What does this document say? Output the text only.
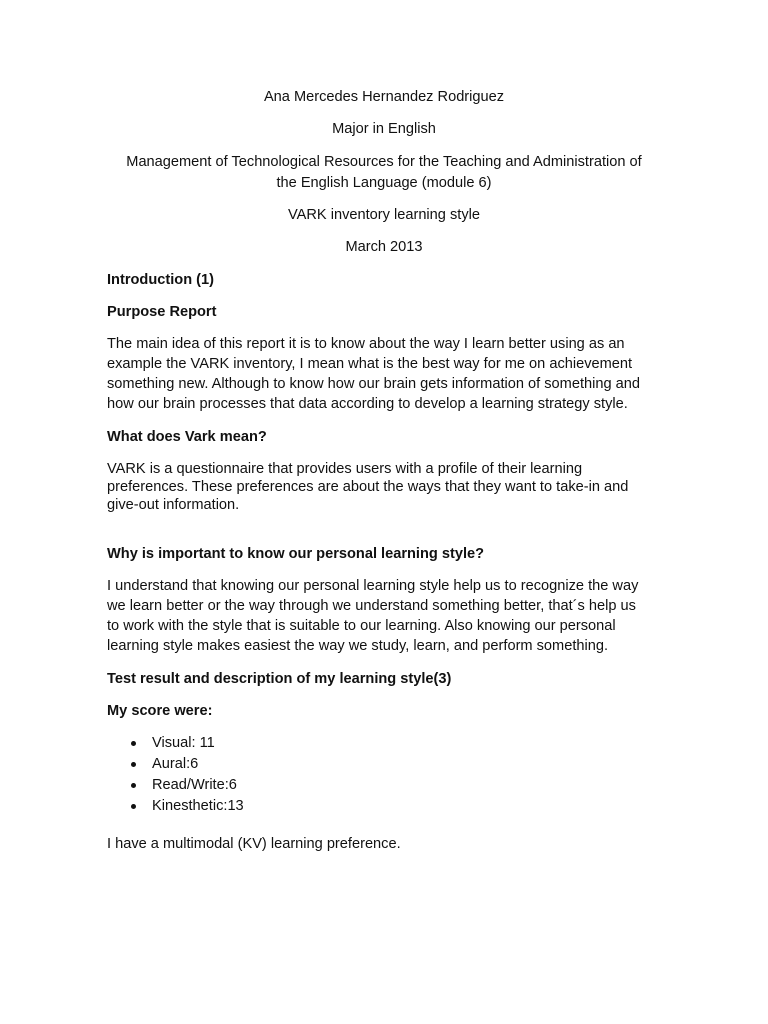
Ana Mercedes Hernandez Rodriguez

Major in English

Management of Technological Resources for the Teaching and Administration of

the English Language (module 6)

VARK inventory learning style

March 2013

Introduction (1)

Purpose Report

The main idea of this report it is to know about the way I learn better using as an
example the VARK inventory, I mean what is the best way for me on achievement
something new. Although to know how our brain gets information of something and
how our brain processes that data according to develop a learning strategy style.

What does Vark mean?

VARK is a questionnaire that provides users with a profile of their learning
preferences. These preferences are about the ways that they want to take-in and
give-out information.

Why is important to know our personal learning style?

I understand that knowing our personal learning style help us to recognize the way
we learn better or the way through we understand something better, that´s help us
to work with the style that is suitable to our learning. Also knowing our personal
learning style makes easiest the way we study, learn, and perform something.

Test result and description of my learning style(3)

My score were:

Visual: 11
Aural:6
Read/Write:6
Kinesthetic:13

I have a multimodal (KV) learning preference.
